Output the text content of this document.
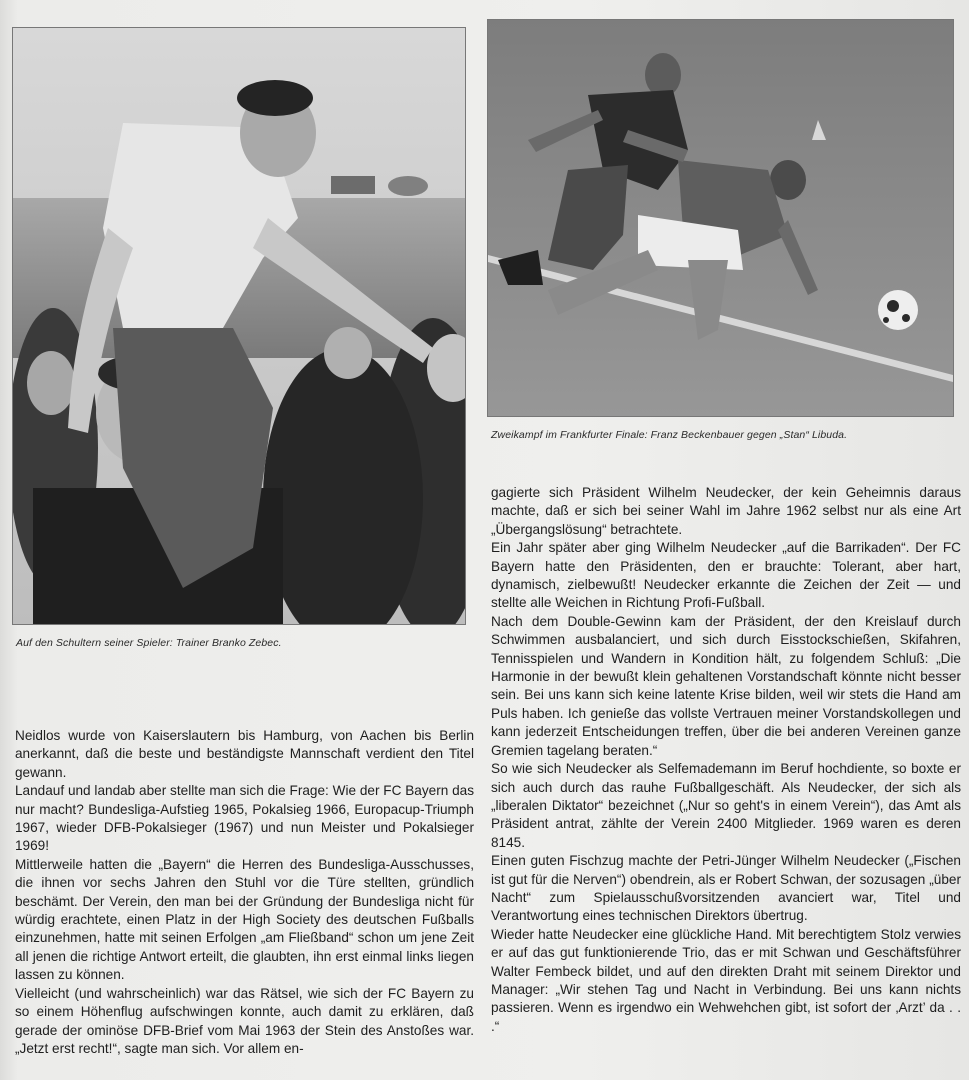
Auf den Schultern seiner Spieler: Trainer Branko Zebec.
Zweikampf im Frankfurter Finale: Franz Beckenbauer gegen „Stan“ Libuda.

Neidlos wurde von Kaiserslautern bis Hamburg, von Aachen bis Berlin anerkannt, daß die beste und beständigste Mannschaft verdient den Titel gewann.

Landauf und landab aber stellte man sich die Frage: Wie der FC Bayern das nur macht? Bundesliga-Aufstieg 1965, Pokalsieg 1966, Europacup-Triumph 1967, wieder DFB-Pokalsieger (1967) und nun Meister und Pokalsieger 1969!

Mittlerweile hatten die „Bayern“ die Herren des Bundesliga-Ausschusses, die ihnen vor sechs Jahren den Stuhl vor die Türe stellten, gründlich beschämt. Der Verein, den man bei der Gründung der Bundesliga nicht für würdig erachtete, einen Platz in der High Society des deutschen Fußballs einzunehmen, hatte mit seinen Erfolgen „am Fließband“ schon um jene Zeit all jenen die richtige Antwort erteilt, die glaubten, ihn erst einmal links liegen lassen zu können.

Vielleicht (und wahrscheinlich) war das Rätsel, wie sich der FC Bayern zu so einem Höhenflug aufschwingen konnte, auch damit zu erklären, daß gerade der ominöse DFB-Brief vom Mai 1963 der Stein des Anstoßes war. „Jetzt erst recht!“, sagte man sich. Vor allem en-

gagierte sich Präsident Wilhelm Neudecker, der kein Geheimnis daraus machte, daß er sich bei seiner Wahl im Jahre 1962 selbst nur als eine Art „Übergangslösung“ betrachtete.

Ein Jahr später aber ging Wilhelm Neudecker „auf die Barrikaden“. Der FC Bayern hatte den Präsidenten, den er brauchte: Tolerant, aber hart, dynamisch, zielbewußt! Neudecker erkannte die Zeichen der Zeit — und stellte alle Weichen in Richtung Profi-Fußball.

Nach dem Double-Gewinn kam der Präsident, der den Kreislauf durch Schwimmen ausbalanciert, und sich durch Eisstockschießen, Skifahren, Tennisspielen und Wandern in Kondition hält, zu folgendem Schluß: „Die Harmonie in der bewußt klein gehaltenen Vorstandschaft könnte nicht besser sein. Bei uns kann sich keine latente Krise bilden, weil wir stets die Hand am Puls haben. Ich genieße das vollste Vertrauen meiner Vorstandskollegen und kann jederzeit Entscheidungen treffen, über die bei anderen Vereinen ganze Gremien tagelang beraten.“

So wie sich Neudecker als Selfemademann im Beruf hochdiente, so boxte er sich auch durch das rauhe Fußballgeschäft. Als Neudecker, der sich als „liberalen Diktator“ bezeichnet („Nur so geht's in einem Verein“), das Amt als Präsident antrat, zählte der Verein 2400 Mitglieder. 1969 waren es deren 8145.

Einen guten Fischzug machte der Petri-Jünger Wilhelm Neudecker („Fischen ist gut für die Nerven“) obendrein, als er Robert Schwan, der sozusagen „über Nacht“ zum Spielausschußvorsitzenden avanciert war, Titel und Verantwortung eines technischen Direktors übertrug.

Wieder hatte Neudecker eine glückliche Hand. Mit berechtigtem Stolz verwies er auf das gut funktionierende Trio, das er mit Schwan und Geschäftsführer Walter Fembeck bildet, und auf den direkten Draht mit seinem Direktor und Manager: „Wir stehen Tag und Nacht in Verbindung. Bei uns kann nichts passieren. Wenn es irgendwo ein Wehwehchen gibt, ist sofort der ‚Arzt’ da . . .“
